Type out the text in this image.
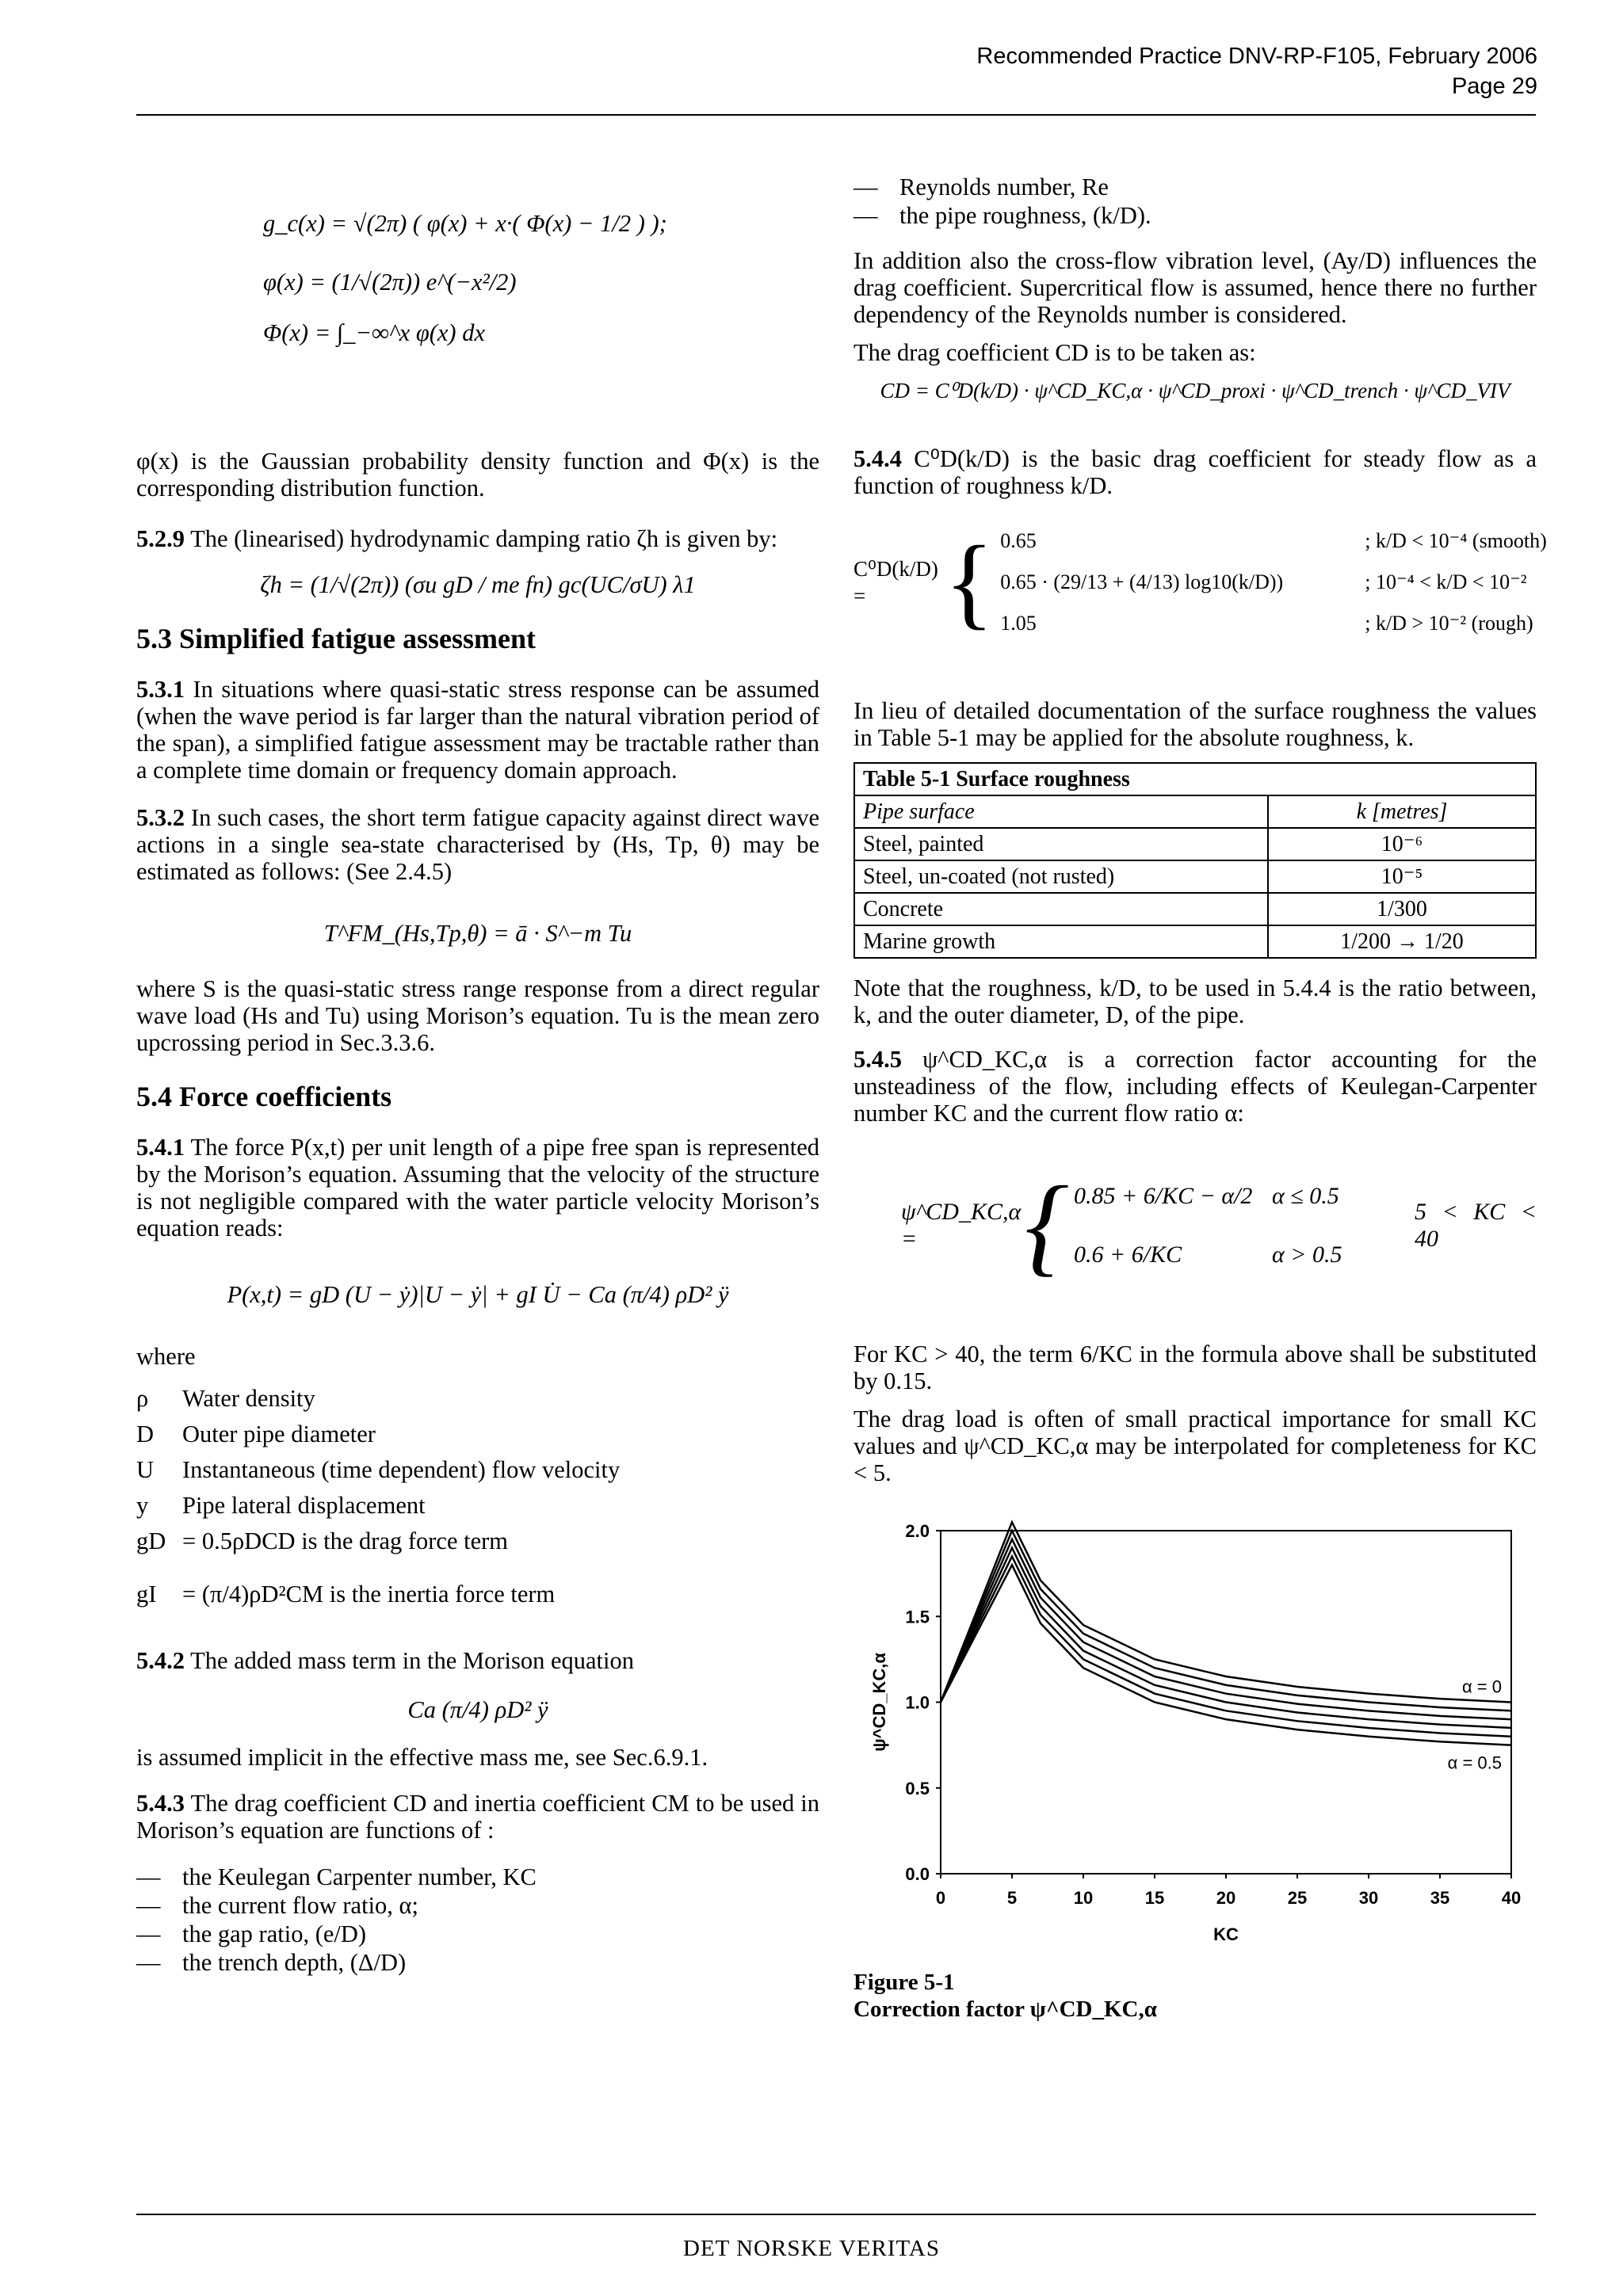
Recommended Practice DNV-RP-F105, February 2006
Page 29
g_c(x) = √(2π) ( φ(x) + x·( Φ(x) − 1/2 ) );
φ(x) = (1/√(2π)) e^(−x²/2)
Φ(x) = ∫_−∞^x φ(x) dx

φ(x) is the Gaussian probability density function and Φ(x) is the corresponding distribution function.

5.2.9 The (linearised) hydrodynamic damping ratio ζh is given by:

ζh = (1/√(2π)) (σu gD / me fn) gc(UC/σU) λ1
5.3 Simplified fatigue assessment

5.3.1 In situations where quasi-static stress response can be assumed (when the wave period is far larger than the natural vibration period of the span), a simplified fatigue assessment may be tractable rather than a complete time domain or frequency domain approach.

5.3.2 In such cases, the short term fatigue capacity against direct wave actions in a single sea-state characterised by (Hs, Tp, θ) may be estimated as follows: (See 2.4.5)

T^FM_(Hs,Tp,θ) = ā · S^−m Tu

where S is the quasi-static stress range response from a direct regular wave load (Hs and Tu) using Morison’s equation. Tu is the mean zero upcrossing period in Sec.3.3.6.

5.4 Force coefficients

5.4.1 The force P(x,t) per unit length of a pipe free span is represented by the Morison’s equation. Assuming that the velocity of the structure is not negligible compared with the water particle velocity Morison’s equation reads:

P(x,t) = gD (U − ẏ)|U − ẏ| + gI U̇ − Ca (π/4) ρD² ÿ

where

ρ	Water density
D	Outer pipe diameter
U	Instantaneous (time dependent) flow velocity
y	Pipe lateral displacement
gD = 0.5ρDCD is the drag force term
gI	= (π/4)ρD²CM is the inertia force term

5.4.2 The added mass term in the Morison equation

Ca (π/4) ρD² ÿ

is assumed implicit in the effective mass me, see Sec.6.9.1.

5.4.3 The drag coefficient CD and inertia coefficient CM to be used in Morison’s equation are functions of :

— the Keulegan Carpenter number, KC
— the current flow ratio, α;
— the gap ratio, (e/D)
— the trench depth, (Δ/D)
— Reynolds number, Re
— the pipe roughness, (k/D).

In addition also the cross-flow vibration level, (Ay/D) influences the drag coefficient. Supercritical flow is assumed, hence there no further dependency of the Reynolds number is considered.

The drag coefficient CD is to be taken as:

CD = C⁰D(k/D) · ψ^CD_KC,α · ψ^CD_proxi · ψ^CD_trench · ψ^CD_VIV

5.4.4 C⁰D(k/D) is the basic drag coefficient for steady flow as a function of roughness k/D.

C⁰D(k/D) = { 0.65	; k/D < 10⁻⁴ (smooth)
0.65 · (29/13 + (4/13) log10(k/D))	; 10⁻⁴ < k/D < 10⁻²
1.05	; k/D > 10⁻² (rough)

In lieu of detailed documentation of the surface roughness the values in Table 5-1 may be applied for the absolute roughness, k.

Table 5-1 Surface roughness	
Pipe surface	k [metres]
Steel, painted	10⁻⁶
Steel, un-coated (not rusted)	10⁻⁵
Concrete	1/300
Marine growth	1/200 → 1/20

Note that the roughness, k/D, to be used in 5.4.4 is the ratio between, k, and the outer diameter, D, of the pipe.

5.4.5 ψ^CD_KC,α is a correction factor accounting for the unsteadiness of the flow, including effects of Keulegan-Carpenter number KC and the current flow ratio α:

ψ^CD_KC,α = { 0.85 + 6/KC − α/2 α ≤ 0.5
0.6 + 6/KC	α > 0.5
5 < KC < 40

For KC > 40, the term 6/KC in the formula above shall be substituted by 0.15.

The drag load is often of small practical importance for small KC values and ψ^CD_KC,α may be interpolated for completeness for KC < 5.

0	5	10	15	20	25	30	35	40
0.0
0.5
1.0
1.5
2.0
KC
ψ^CD_KC,α	α = 0
α = 0.5
Figure 5-1
Correction factor ψ^CD_KC,α
DET NORSKE VERITAS
